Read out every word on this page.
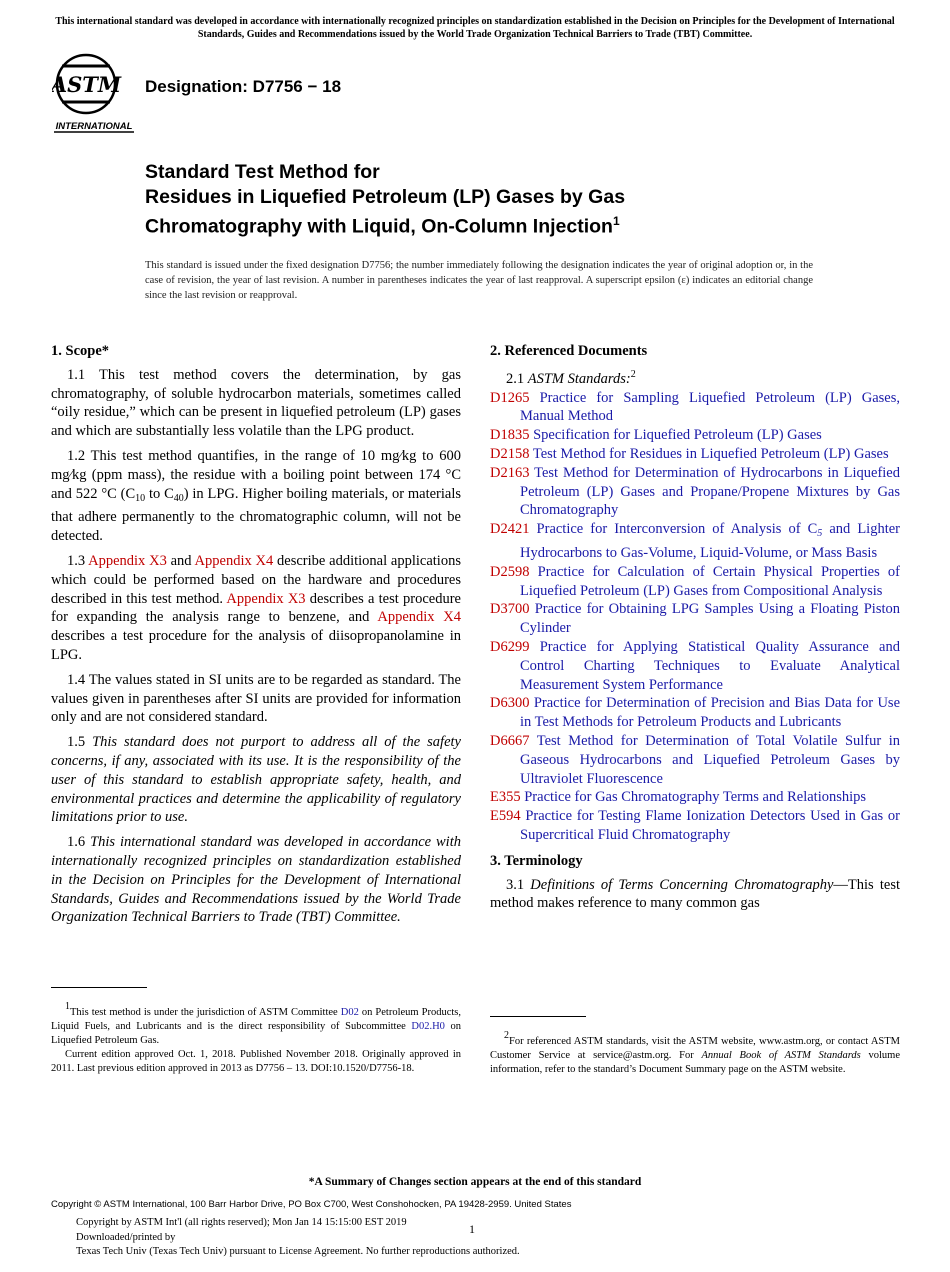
This international standard was developed in accordance with internationally recognized principles on standardization established in the Decision on Principles for the Development of International Standards, Guides and Recommendations issued by the World Trade Organization Technical Barriers to Trade (TBT) Committee.
ASTM
INTERNATIONAL
Designation: D7756 − 18
Standard Test Method for
Residues in Liquefied Petroleum (LP) Gases by Gas
Chromatography with Liquid, On-Column Injection$^1$
This standard is issued under the fixed designation D7756; the number immediately following the designation indicates the year of original adoption or, in the case of revision, the year of last revision. A number in parentheses indicates the year of last reapproval. A superscript epsilon (ε) indicates an editorial change since the last revision or reapproval.
1. Scope*

1.1 This test method covers the determination, by gas chromatography, of soluble hydrocarbon materials, sometimes called “oily residue,” which can be present in liquefied petroleum (LP) gases and which are substantially less volatile than the LPG product.

1.2 This test method quantifies, in the range of 10 mg⁄kg to 600 mg⁄kg (ppm mass), the residue with a boiling point between 174 °C and 522 °C ($C_{10}$ to $C_{40}$) in LPG. Higher boiling materials, or materials that adhere permanently to the chromatographic column, will not be detected.

1.3 Appendix X3 and Appendix X4 describe additional applications which could be performed based on the hardware and procedures described in this test method. Appendix X3 describes a test procedure for expanding the analysis range to benzene, and Appendix X4 describes a test procedure for the analysis of diisopropanolamine in LPG.

1.4 The values stated in SI units are to be regarded as standard. The values given in parentheses after SI units are provided for information only and are not considered standard.

1.5 This standard does not purport to address all of the safety concerns, if any, associated with its use. It is the responsibility of the user of this standard to establish appropriate safety, health, and environmental practices and determine the applicability of regulatory limitations prior to use.

1.6 This international standard was developed in accordance with internationally recognized principles on standardization established in the Decision on Principles for the Development of International Standards, Guides and Recommendations issued by the World Trade Organization Technical Barriers to Trade (TBT) Committee.

1This test method is under the jurisdiction of ASTM Committee D02 on Petroleum Products, Liquid Fuels, and Lubricants and is the direct responsibility of Subcommittee D02.H0 on Liquefied Petroleum Gas.

Current edition approved Oct. 1, 2018. Published November 2018. Originally approved in 2011. Last previous edition approved in 2013 as D7756 – 13. DOI:10.1520/D7756-18.

2. Referenced Documents

2.1 ASTM Standards:$^2$

D1265 Practice for Sampling Liquefied Petroleum (LP) Gases, Manual Method

D1835 Specification for Liquefied Petroleum (LP) Gases

D2158 Test Method for Residues in Liquefied Petroleum (LP) Gases

D2163 Test Method for Determination of Hydrocarbons in Liquefied Petroleum (LP) Gases and Propane/Propene Mixtures by Gas Chromatography

D2421 Practice for Interconversion of Analysis of $C_5$ and Lighter Hydrocarbons to Gas-Volume, Liquid-Volume, or Mass Basis

D2598 Practice for Calculation of Certain Physical Properties of Liquefied Petroleum (LP) Gases from Compositional Analysis

D3700 Practice for Obtaining LPG Samples Using a Floating Piston Cylinder

D6299 Practice for Applying Statistical Quality Assurance and Control Charting Techniques to Evaluate Analytical Measurement System Performance

D6300 Practice for Determination of Precision and Bias Data for Use in Test Methods for Petroleum Products and Lubricants

D6667 Test Method for Determination of Total Volatile Sulfur in Gaseous Hydrocarbons and Liquefied Petroleum Gases by Ultraviolet Fluorescence

E355 Practice for Gas Chromatography Terms and Relationships

E594 Practice for Testing Flame Ionization Detectors Used in Gas or Supercritical Fluid Chromatography

3. Terminology

3.1 Definitions of Terms Concerning Chromatography—This test method makes reference to many common gas

2For referenced ASTM standards, visit the ASTM website, www.astm.org, or contact ASTM Customer Service at service@astm.org. For Annual Book of ASTM Standards volume information, refer to the standard’s Document Summary page on the ASTM website.

*A Summary of Changes section appears at the end of this standard
Copyright © ASTM International, 100 Barr Harbor Drive, PO Box C700, West Conshohocken, PA 19428-2959. United States
Copyright by ASTM Int'l (all rights reserved); Mon Jan 14 15:15:00 EST 2019
Downloaded/printed by
Texas Tech Univ (Texas Tech Univ) pursuant to License Agreement. No further reproductions authorized.
1
